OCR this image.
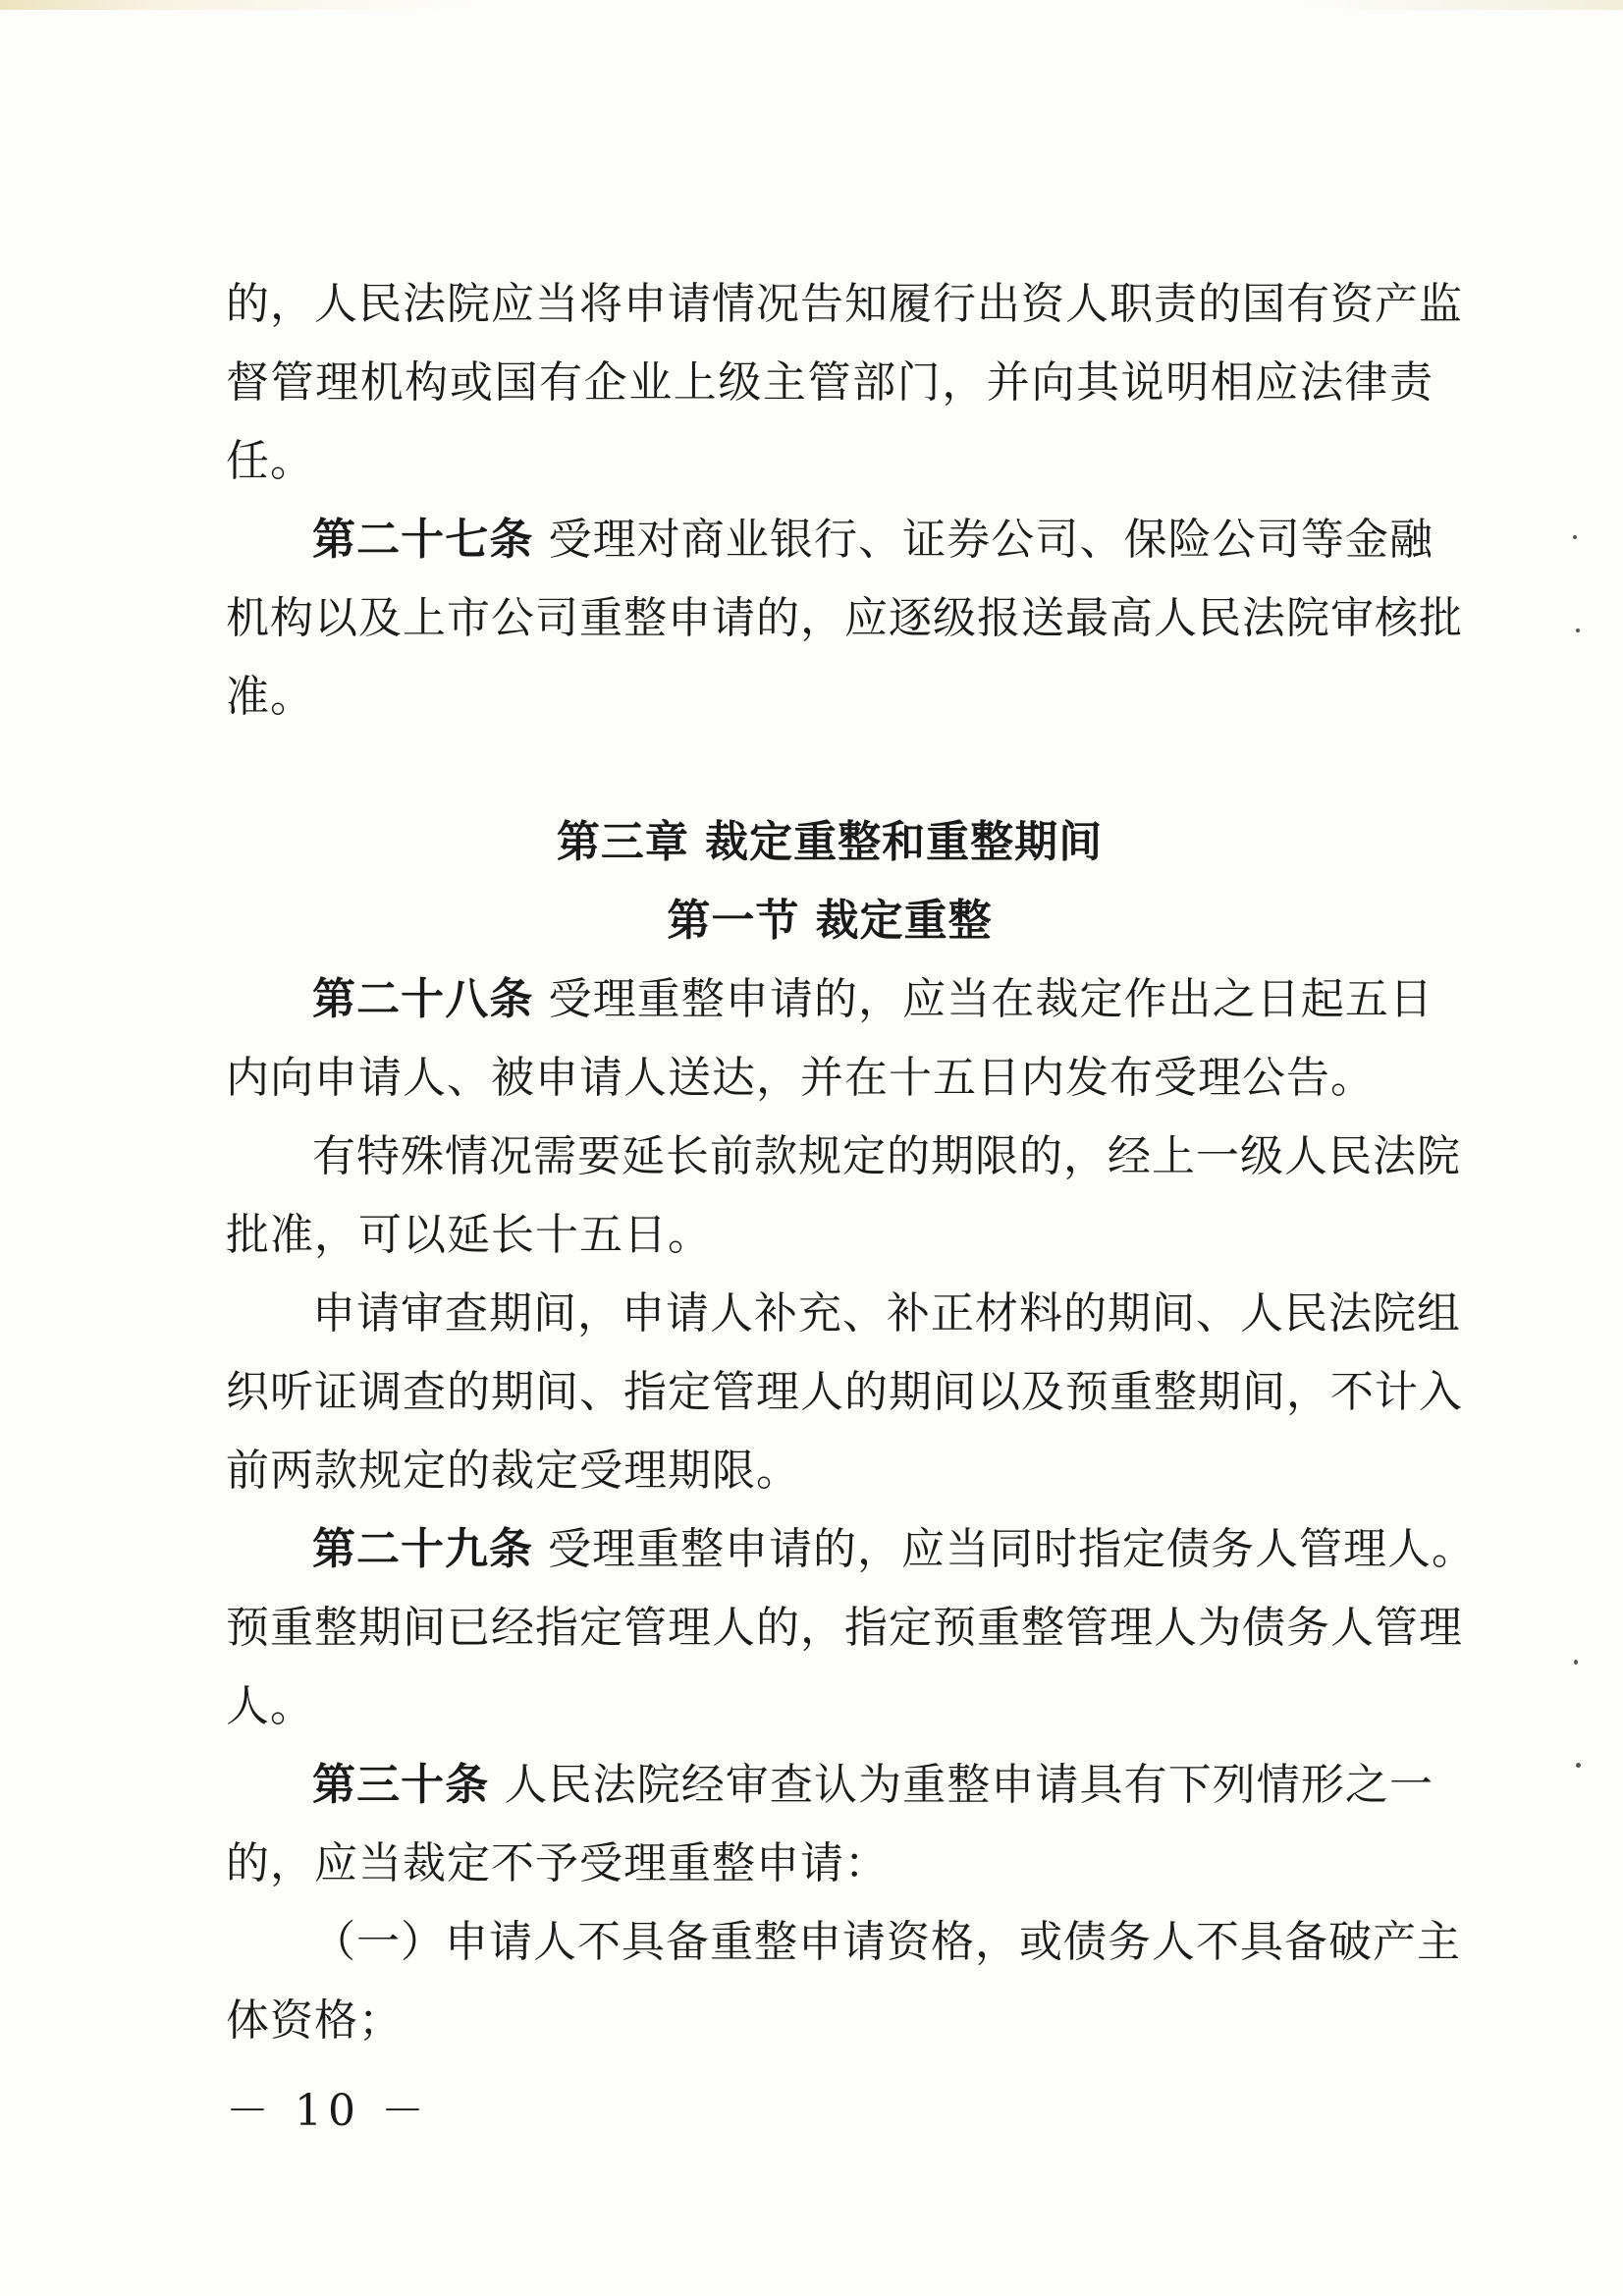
的，人民法院应当将申请情况告知履行出资人职责的国有资产监
督管理机构或国有企业上级主管部门，并向其说明相应法律责
任。
第二十七条 受理对商业银行、证券公司、保险公司等金融
机构以及上市公司重整申请的，应逐级报送最高人民法院审核批
准。
第三章 裁定重整和重整期间
第一节 裁定重整
第二十八条 受理重整申请的，应当在裁定作出之日起五日
内向申请人、被申请人送达，并在十五日内发布受理公告。
有特殊情况需要延长前款规定的期限的，经上一级人民法院
批准，可以延长十五日。
申请审查期间，申请人补充、补正材料的期间、人民法院组
织听证调查的期间、指定管理人的期间以及预重整期间，不计入
前两款规定的裁定受理期限。
第二十九条 受理重整申请的，应当同时指定债务人管理人。
预重整期间已经指定管理人的，指定预重整管理人为债务人管理
人。
第三十条 人民法院经审查认为重整申请具有下列情形之一
的，应当裁定不予受理重整申请：
（一）申请人不具备重整申请资格，或债务人不具备破产主
体资格；
－ 10 －
